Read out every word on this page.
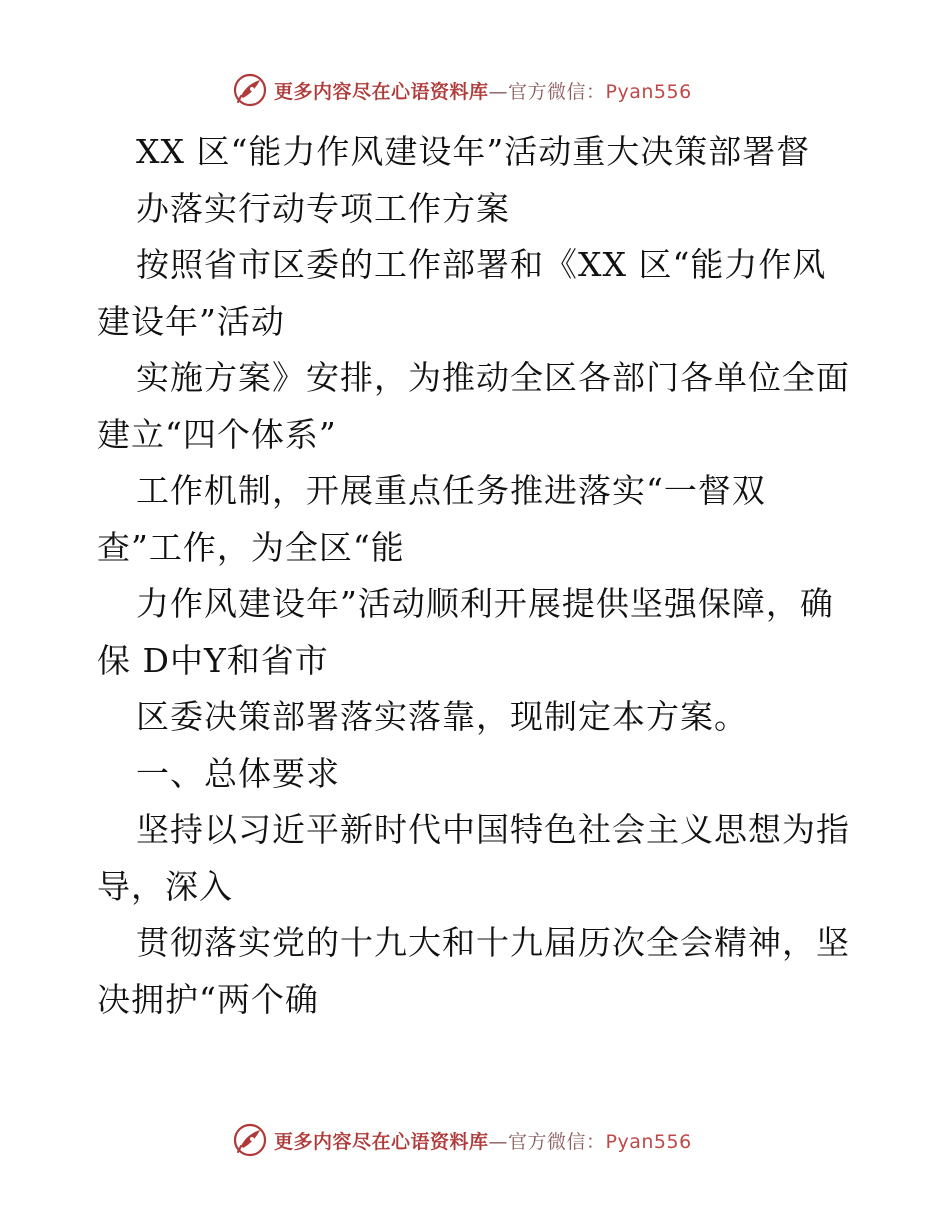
更多内容尽在心语资料库—官方微信：Pyan556
XX 区“能力作风建设年”活动重大决策部署督
办落实行动专项工作方案
按照省市区委的工作部署和《XX 区“能力作风
建设年”活动
实施方案》安排，为推动全区各部门各单位全面
建立“四个体系”
工作机制，开展重点任务推进落实“一督双
查”工作，为全区“能
力作风建设年”活动顺利开展提供坚强保障，确
保 D中Y和省市
区委决策部署落实落靠，现制定本方案。
一、总体要求
坚持以习近平新时代中国特色社会主义思想为指
导，深入
贯彻落实党的十九大和十九届历次全会精神，坚
决拥护“两个确
更多内容尽在心语资料库—官方微信：Pyan556
